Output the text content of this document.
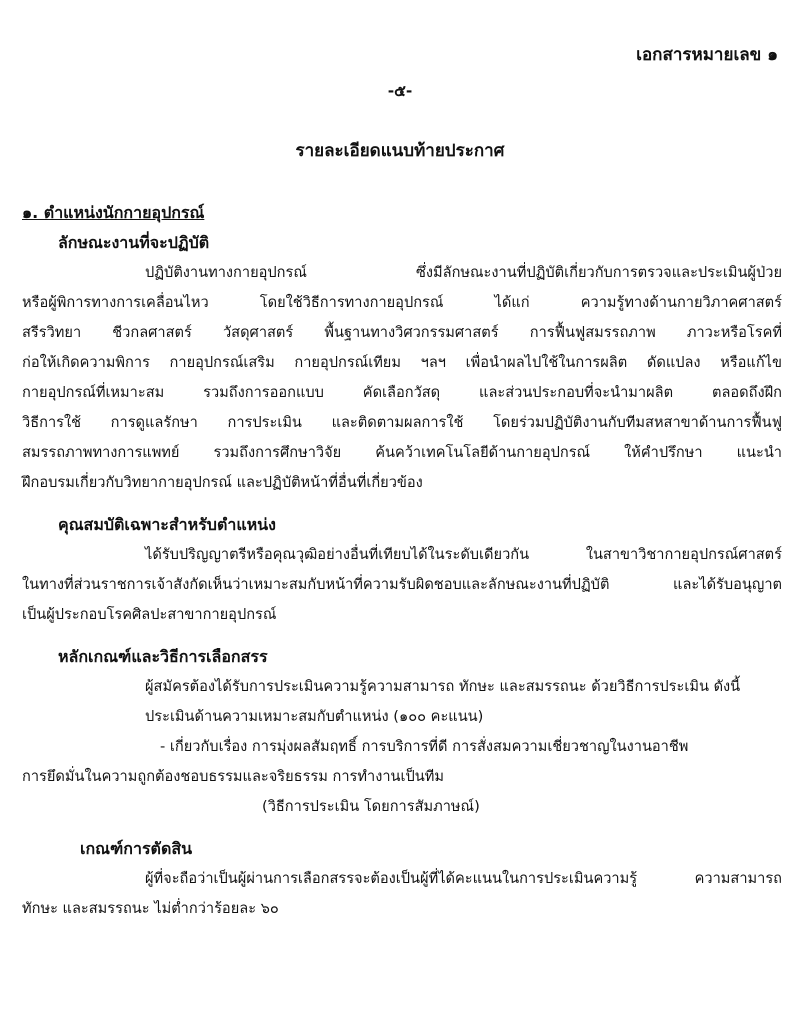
เอกสารหมายเลข ๑
-๕-
รายละเอียดแนบท้ายประกาศ
๑. ตำแหน่งนักกายอุปกรณ์
ลักษณะงานที่จะปฏิบัติ
ปฏิบัติงานทางกายอุปกรณ์ ซึ่งมีลักษณะงานที่ปฏิบัติเกี่ยวกับการตรวจและประเมินผู้ป่วย
หรือผู้พิการทางการเคลื่อนไหว โดยใช้วิธีการทางกายอุปกรณ์ ได้แก่ ความรู้ทางด้านกายวิภาคศาสตร์
สรีรวิทยา ชีวกลศาสตร์ วัสดุศาสตร์ พื้นฐานทางวิศวกรรมศาสตร์ การฟื้นฟูสมรรถภาพ ภาวะหรือโรคที่
ก่อให้เกิดความพิการ กายอุปกรณ์เสริม กายอุปกรณ์เทียม ฯลฯ เพื่อนำผลไปใช้ในการผลิต ดัดแปลง หรือแก้ไข
กายอุปกรณ์ที่เหมาะสม รวมถึงการออกแบบ คัดเลือกวัสดุ และส่วนประกอบที่จะนำมาผลิต ตลอดถึงฝึก
วิธีการใช้ การดูแลรักษา การประเมิน และติดตามผลการใช้ โดยร่วมปฏิบัติงานกับทีมสหสาขาด้านการฟื้นฟู
สมรรถภาพทางการแพทย์ รวมถึงการศึกษาวิจัย ค้นคว้าเทคโนโลยีด้านกายอุปกรณ์ ให้คำปรึกษา แนะนำ
ฝึกอบรมเกี่ยวกับวิทยากายอุปกรณ์ และปฏิบัติหน้าที่อื่นที่เกี่ยวข้อง
คุณสมบัติเฉพาะสำหรับตำแหน่ง
ได้รับปริญญาตรีหรือคุณวุฒิอย่างอื่นที่เทียบได้ในระดับเดียวกัน ในสาขาวิชากายอุปกรณ์ศาสตร์
ในทางที่ส่วนราชการเจ้าสังกัดเห็นว่าเหมาะสมกับหน้าที่ความรับผิดชอบและลักษณะงานที่ปฏิบัติ และได้รับอนุญาต
เป็นผู้ประกอบโรคศิลปะสาขากายอุปกรณ์
หลักเกณฑ์และวิธีการเลือกสรร
ผู้สมัครต้องได้รับการประเมินความรู้ความสามารถ ทักษะ และสมรรถนะ ด้วยวิธีการประเมิน ดังนี้
ประเมินด้านความเหมาะสมกับตำแหน่ง (๑๐๐ คะแนน)
- เกี่ยวกับเรื่อง การมุ่งผลสัมฤทธิ์ การบริการที่ดี การสั่งสมความเชี่ยวชาญในงานอาชีพ
การยึดมั่นในความถูกต้องชอบธรรมและจริยธรรม การทำงานเป็นทีม
(วิธีการประเมิน โดยการสัมภาษณ์)
เกณฑ์การตัดสิน
ผู้ที่จะถือว่าเป็นผู้ผ่านการเลือกสรรจะต้องเป็นผู้ที่ได้คะแนนในการประเมินความรู้ ความสามารถ
ทักษะ และสมรรถนะ ไม่ต่ำกว่าร้อยละ ๖๐
